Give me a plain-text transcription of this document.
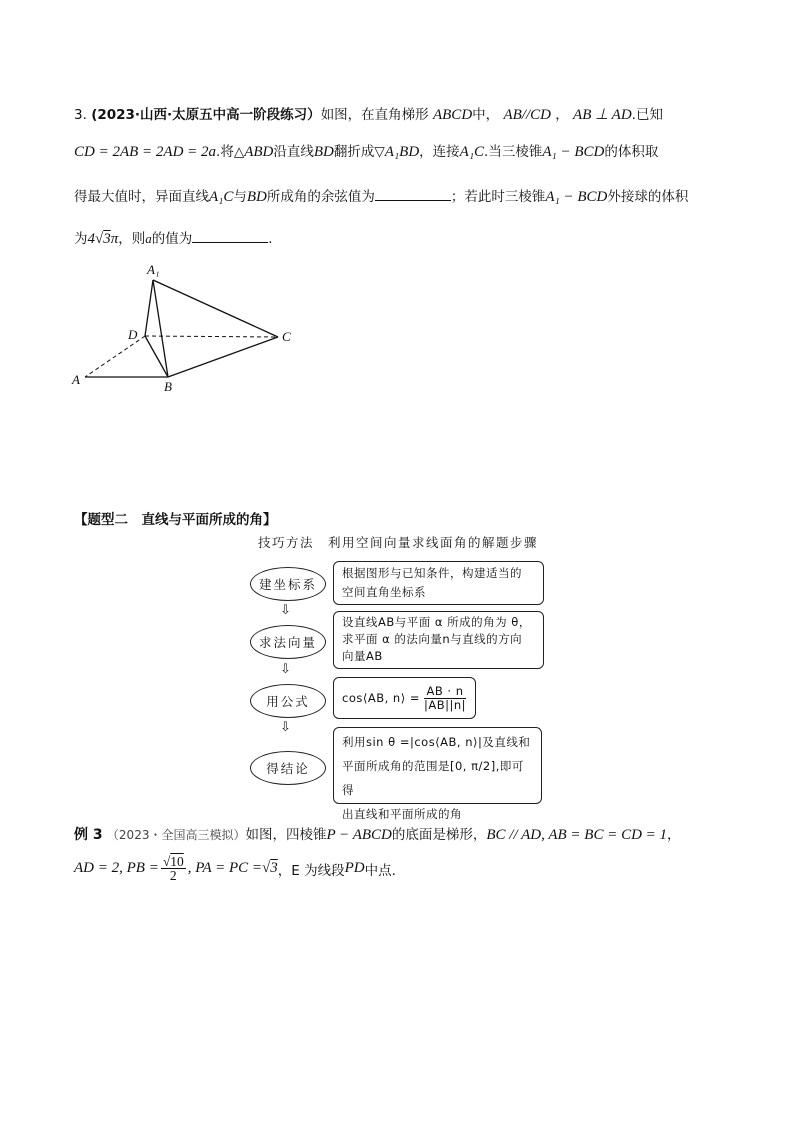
3. (2023·山西·太原五中高一阶段练习）如图，在直角梯形 ABCD中， AB//CD ， AB ⊥ AD.已知
CD = 2AB = 2AD = 2a.将△ABD沿直线BD翻折成▽A₁BD，连接A₁C.当三棱锥A₁ − BCD的体积取
得最大值时，异面直线A₁C与BD所成角的余弦值为	；若此时三棱锥A₁ − BCD外接球的体积
为4√3π，则a的值为	.
A₁
D	C
A	B
【题型二　直线与平面所成的角】
技巧方法　利用空间向量求线面角的解题步骤
建坐标系
根据图形与已知条件，构建适当的
空间直角坐标系
⇩
求法向量
设直线AB与平面 α 所成的角为 θ，
求平面 α 的法向量n与直线的方向
向量AB
⇩
用公式	cos⟨AB, n⟩ = $\frac{AB \cdot n}{|AB||n|}$
⇩
得结论
利用sin θ =|cos⟨AB, n⟩|及直线和
平面所成角的范围是[0, π/2],即可得
出直线和平面所成的角
例 3 （2023・全国高三模拟）如图，四棱锥P − ABCD的底面是梯形，BC // AD, AB = BC = CD = 1，
AD = 2, PB = $\frac{√10}{2}$ , PA = PC = √3 ，E 为线段 PD 中点.
